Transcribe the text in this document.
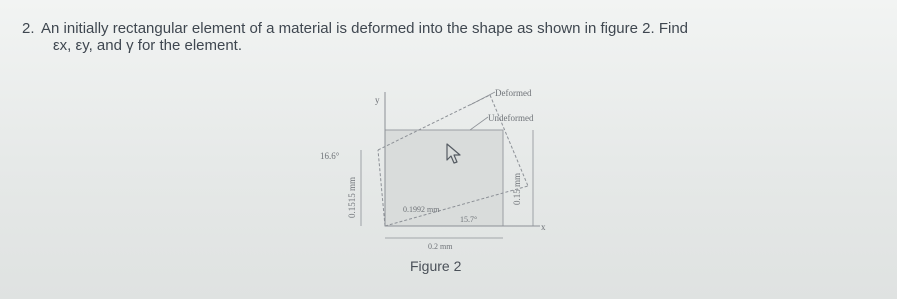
2. An initially rectangular element of a material is deformed into the shape as shown in figure 2. Find
εx, εy, and γ for the element.
Deformed
Undeformed
y
x
16.6°
15.7°
0.1992 mm
0.2 mm
0.1515 mm	0.15 mm
Figure 2
